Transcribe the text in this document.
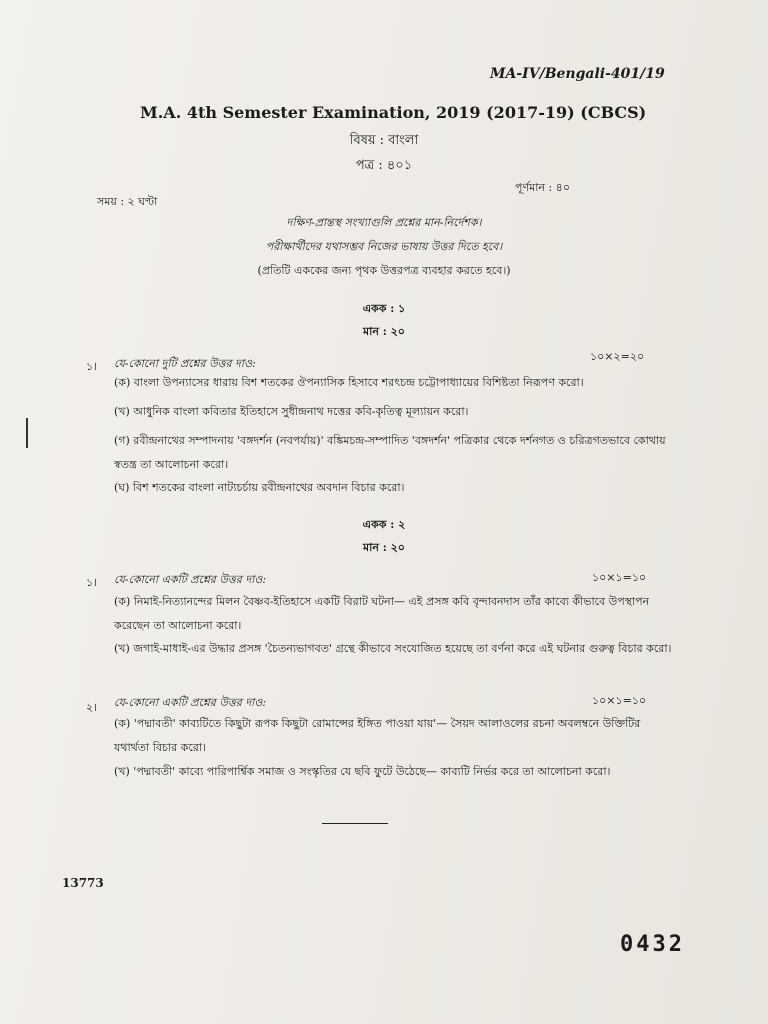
MA-IV/Bengali-401/19
M.A. 4th Semester Examination, 2019 (2017-19) (CBCS)
বিষয় : বাংলা
পত্র : ৪০১
পূর্ণমান : ৪০
সময় : ২ ঘণ্টা
দক্ষিণ-প্রান্তস্থ সংখ্যাগুলি প্রশ্নের মান-নির্দেশক।
পরীক্ষার্থীদের যথাসম্ভব নিজের ভাষায় উত্তর দিতে হবে।
(প্রতিটি এককের জন্য পৃথক উত্তরপত্র ব্যবহার করতে হবে।)
একক : ১
মান : ২০
১। যে-কোনো দুটি প্রশ্নের উত্তর দাও:
১০×২=২০
(ক) বাংলা উপন্যাসের ধারায় বিশ শতকের ঔপন্যাসিক হিসাবে শরৎচন্দ্র চট্টোপাধ্যায়ের বিশিষ্টতা নিরূপণ করো।
(খ) আধুনিক বাংলা কবিতার ইতিহাসে সুধীন্দ্রনাথ দত্তের কবি-কৃতিত্ব মূল্যায়ন করো।
(গ) রবীন্দ্রনাথের সম্পাদনায় 'বঙ্গদর্শন (নবপর্যায়)' বঙ্কিমচন্দ্র-সম্পাদিত 'বঙ্গদর্শন' পত্রিকার থেকে দর্শনগত ও চরিত্রগতভাবে কোথায় স্বতন্ত্র তা আলোচনা করো।
(ঘ) বিশ শতকের বাংলা নাট্যচর্চায় রবীন্দ্রনাথের অবদান বিচার করো।
একক : ২
মান : ২০
১। যে-কোনো একটি প্রশ্নের উত্তর দাও:	১০×১=১০
(ক) নিমাই-নিত্যানন্দের মিলন বৈষ্ণব-ইতিহাসে একটি বিরাট ঘটনা— এই প্রসঙ্গ কবি বৃন্দাবনদাস তাঁর কাব্যে কীভাবে উপস্থাপন করেছেন তা আলোচনা করো।
(খ) জগাই-মাধাই-এর উদ্ধার প্রসঙ্গ 'চৈতন্যভাগবত' গ্রন্থে কীভাবে সংযোজিত হয়েছে তা বর্ণনা করে এই ঘটনার গুরুত্ব বিচার করো।
২। যে-কোনো একটি প্রশ্নের উত্তর দাও:	১০×১=১০
(ক) 'পদ্মাবতী' কাব্যটিতে কিছুটা রূপক কিছুটা রোমান্সের ইঙ্গিত পাওয়া যায়'— সৈয়দ আলাওলের রচনা অবলম্বনে উক্তিটির যথার্থতা বিচার করো।
(খ) 'পদ্মাবতী' কাব্যে পারিপার্শ্বিক সমাজ ও সংস্কৃতির যে ছবি ফুটে উঠেছে— কাব্যটি নির্ভর করে তা আলোচনা করো।
13773
0432
